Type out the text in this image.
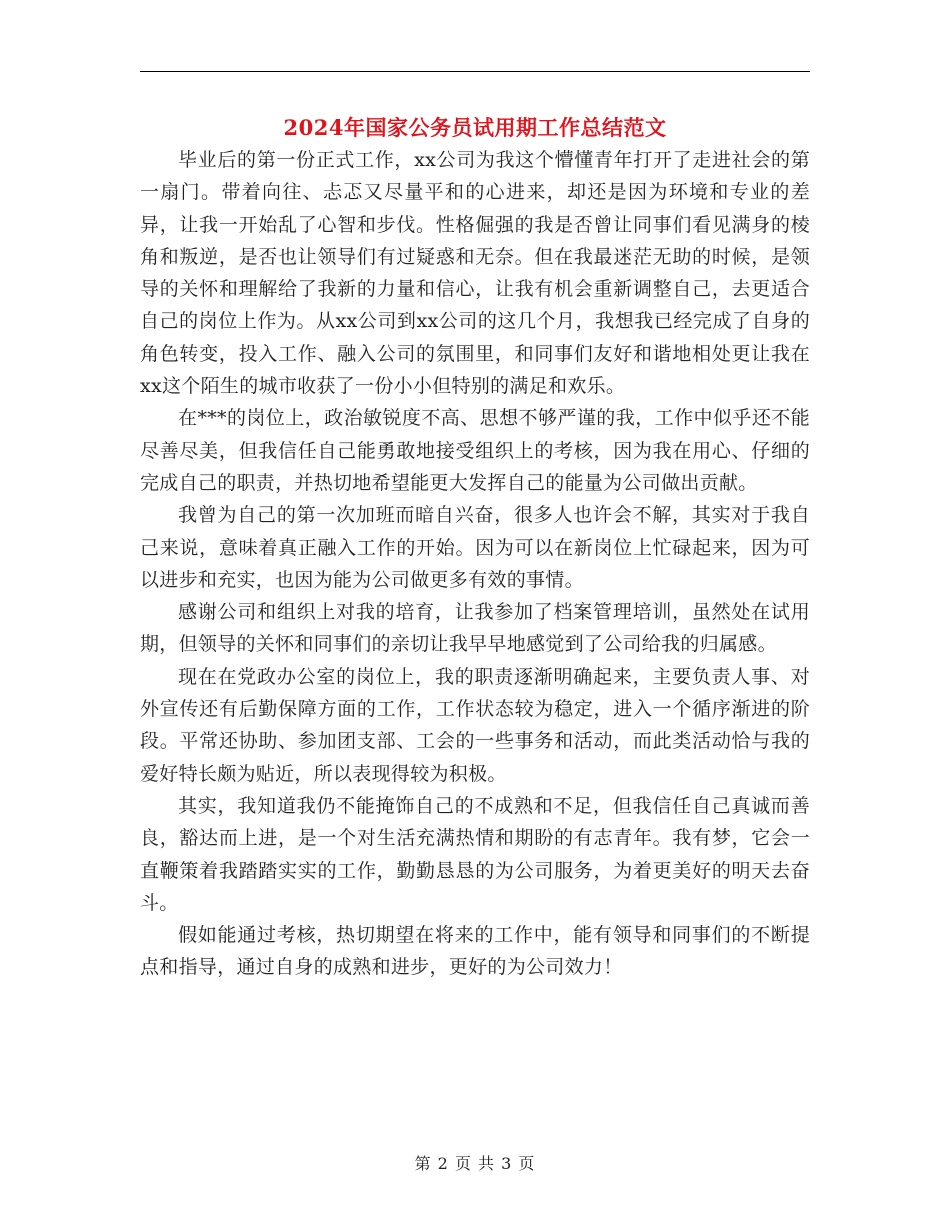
2024年国家公务员试用期工作总结范文

毕业后的第一份正式工作，xx公司为我这个懵懂青年打开了走进社会的第一扇门。带着向往、忐忑又尽量平和的心进来，却还是因为环境和专业的差异，让我一开始乱了心智和步伐。性格倔强的我是否曾让同事们看见满身的棱角和叛逆，是否也让领导们有过疑惑和无奈。但在我最迷茫无助的时候，是领导的关怀和理解给了我新的力量和信心，让我有机会重新调整自己，去更适合自己的岗位上作为。从xx公司到xx公司的这几个月，我想我已经完成了自身的角色转变，投入工作、融入公司的氛围里，和同事们友好和谐地相处更让我在xx这个陌生的城市收获了一份小小但特别的满足和欢乐。

在***的岗位上，政治敏锐度不高、思想不够严谨的我，工作中似乎还不能尽善尽美，但我信任自己能勇敢地接受组织上的考核，因为我在用心、仔细的完成自己的职责，并热切地希望能更大发挥自己的能量为公司做出贡献。

我曾为自己的第一次加班而暗自兴奋，很多人也许会不解，其实对于我自己来说，意味着真正融入工作的开始。因为可以在新岗位上忙碌起来，因为可以进步和充实，也因为能为公司做更多有效的事情。

感谢公司和组织上对我的培育，让我参加了档案管理培训，虽然处在试用期，但领导的关怀和同事们的亲切让我早早地感觉到了公司给我的归属感。

现在在党政办公室的岗位上，我的职责逐渐明确起来，主要负责人事、对外宣传还有后勤保障方面的工作，工作状态较为稳定，进入一个循序渐进的阶段。平常还协助、参加团支部、工会的一些事务和活动，而此类活动恰与我的爱好特长颇为贴近，所以表现得较为积极。

其实，我知道我仍不能掩饰自己的不成熟和不足，但我信任自己真诚而善良，豁达而上进，是一个对生活充满热情和期盼的有志青年。我有梦，它会一直鞭策着我踏踏实实的工作，勤勤恳恳的为公司服务，为着更美好的明天去奋斗。

假如能通过考核，热切期望在将来的工作中，能有领导和同事们的不断提点和指导，通过自身的成熟和进步，更好的为公司效力！

第 2 页 共 3 页
